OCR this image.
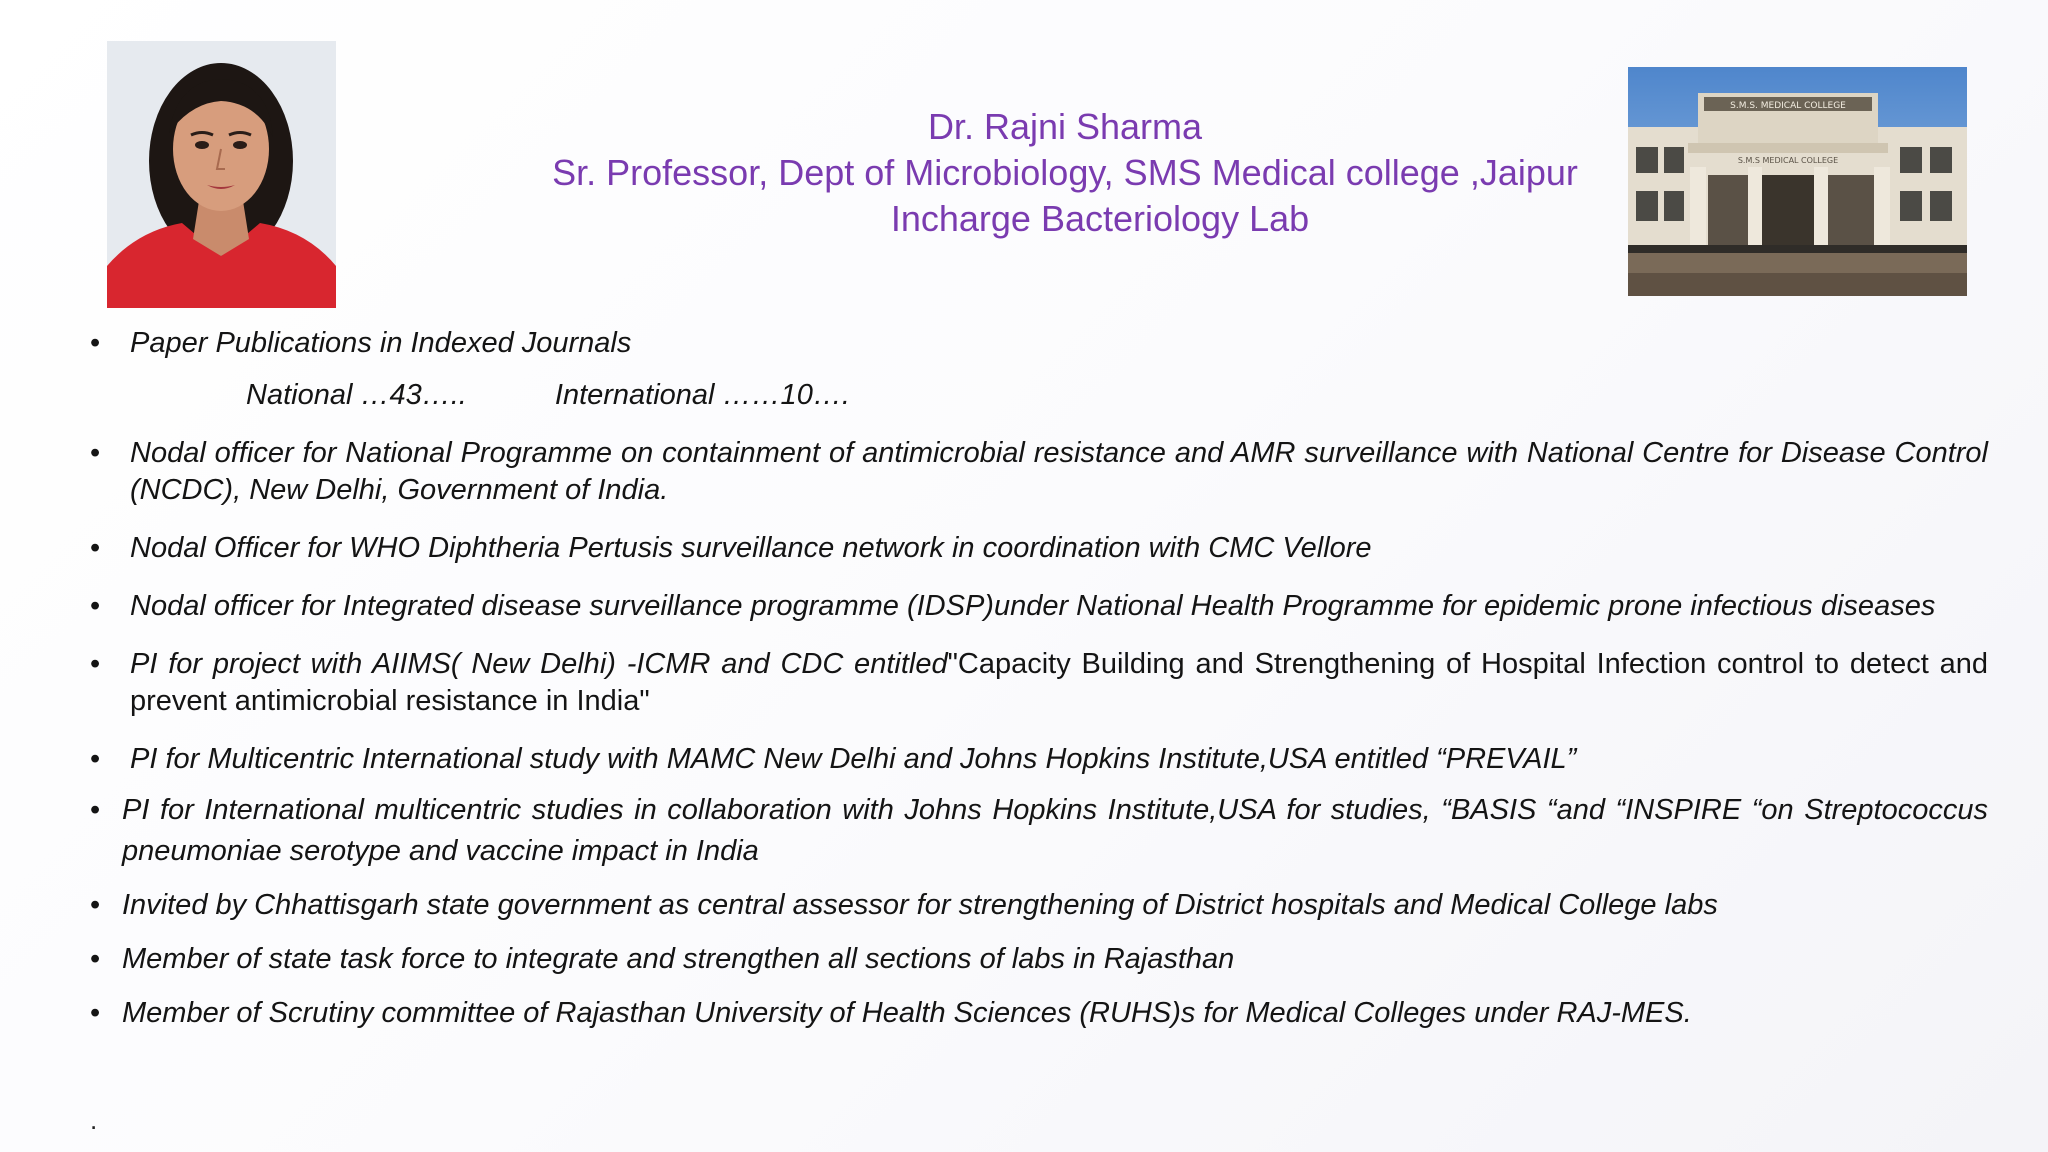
Dr. Rajni Sharma
Sr. Professor, Dept of Microbiology, SMS Medical college ,Jaipur
Incharge Bacteriology Lab
S.M.S. MEDICAL COLLEGE
S.M.S MEDICAL COLLEGE
• Paper Publications in Indexed Journals
National …43…..	International ……10….
• Nodal officer for National Programme on containment of antimicrobial resistance and AMR surveillance with National Centre for Disease Control (NCDC), New Delhi, Government of India.
• Nodal Officer for WHO Diphtheria Pertusis surveillance network in coordination with CMC Vellore
• Nodal officer for Integrated disease surveillance programme (IDSP)under National Health Programme for epidemic prone infectious diseases
• PI for project with AIIMS( New Delhi) -ICMR and CDC entitled"Capacity Building and Strengthening of Hospital Infection control to detect and prevent antimicrobial resistance in India"
• PI for Multicentric International study with MAMC New Delhi and Johns Hopkins Institute,USA entitled “PREVAIL”
• PI for International multicentric studies in collaboration with Johns Hopkins Institute,USA for studies, “BASIS “and “INSPIRE “on Streptococcus pneumoniae serotype and vaccine impact in India
• Invited by Chhattisgarh state government as central assessor for strengthening of District hospitals and Medical College labs
• Member of state task force to integrate and strengthen all sections of labs in Rajasthan
• Member of Scrutiny committee of Rajasthan University of Health Sciences (RUHS)s for Medical Colleges under RAJ-MES.
.
